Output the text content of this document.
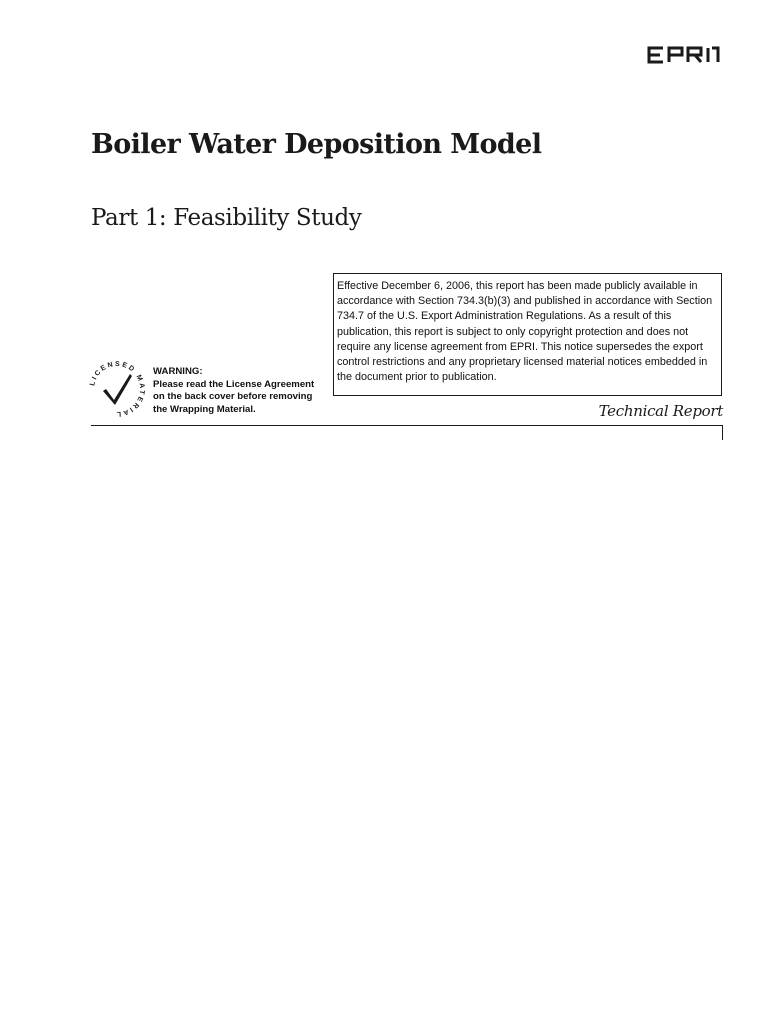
Boiler Water Deposition Model
Part 1: Feasibility Study
Effective December 6, 2006, this report has been made publicly available in accordance with Section 734.3(b)(3) and published in accordance with Section 734.7 of the U.S. Export Administration Regulations. As a result of this publication, this report is subject to only copyright protection and does not require any license agreement from EPRI. This notice supersedes the export control restrictions and any proprietary licensed material notices embedded in the document prior to publication.
LICENSED MATERIAL
WARNING:
Please read the License Agreement on the back cover before removing the Wrapping Material.	Technical Report
